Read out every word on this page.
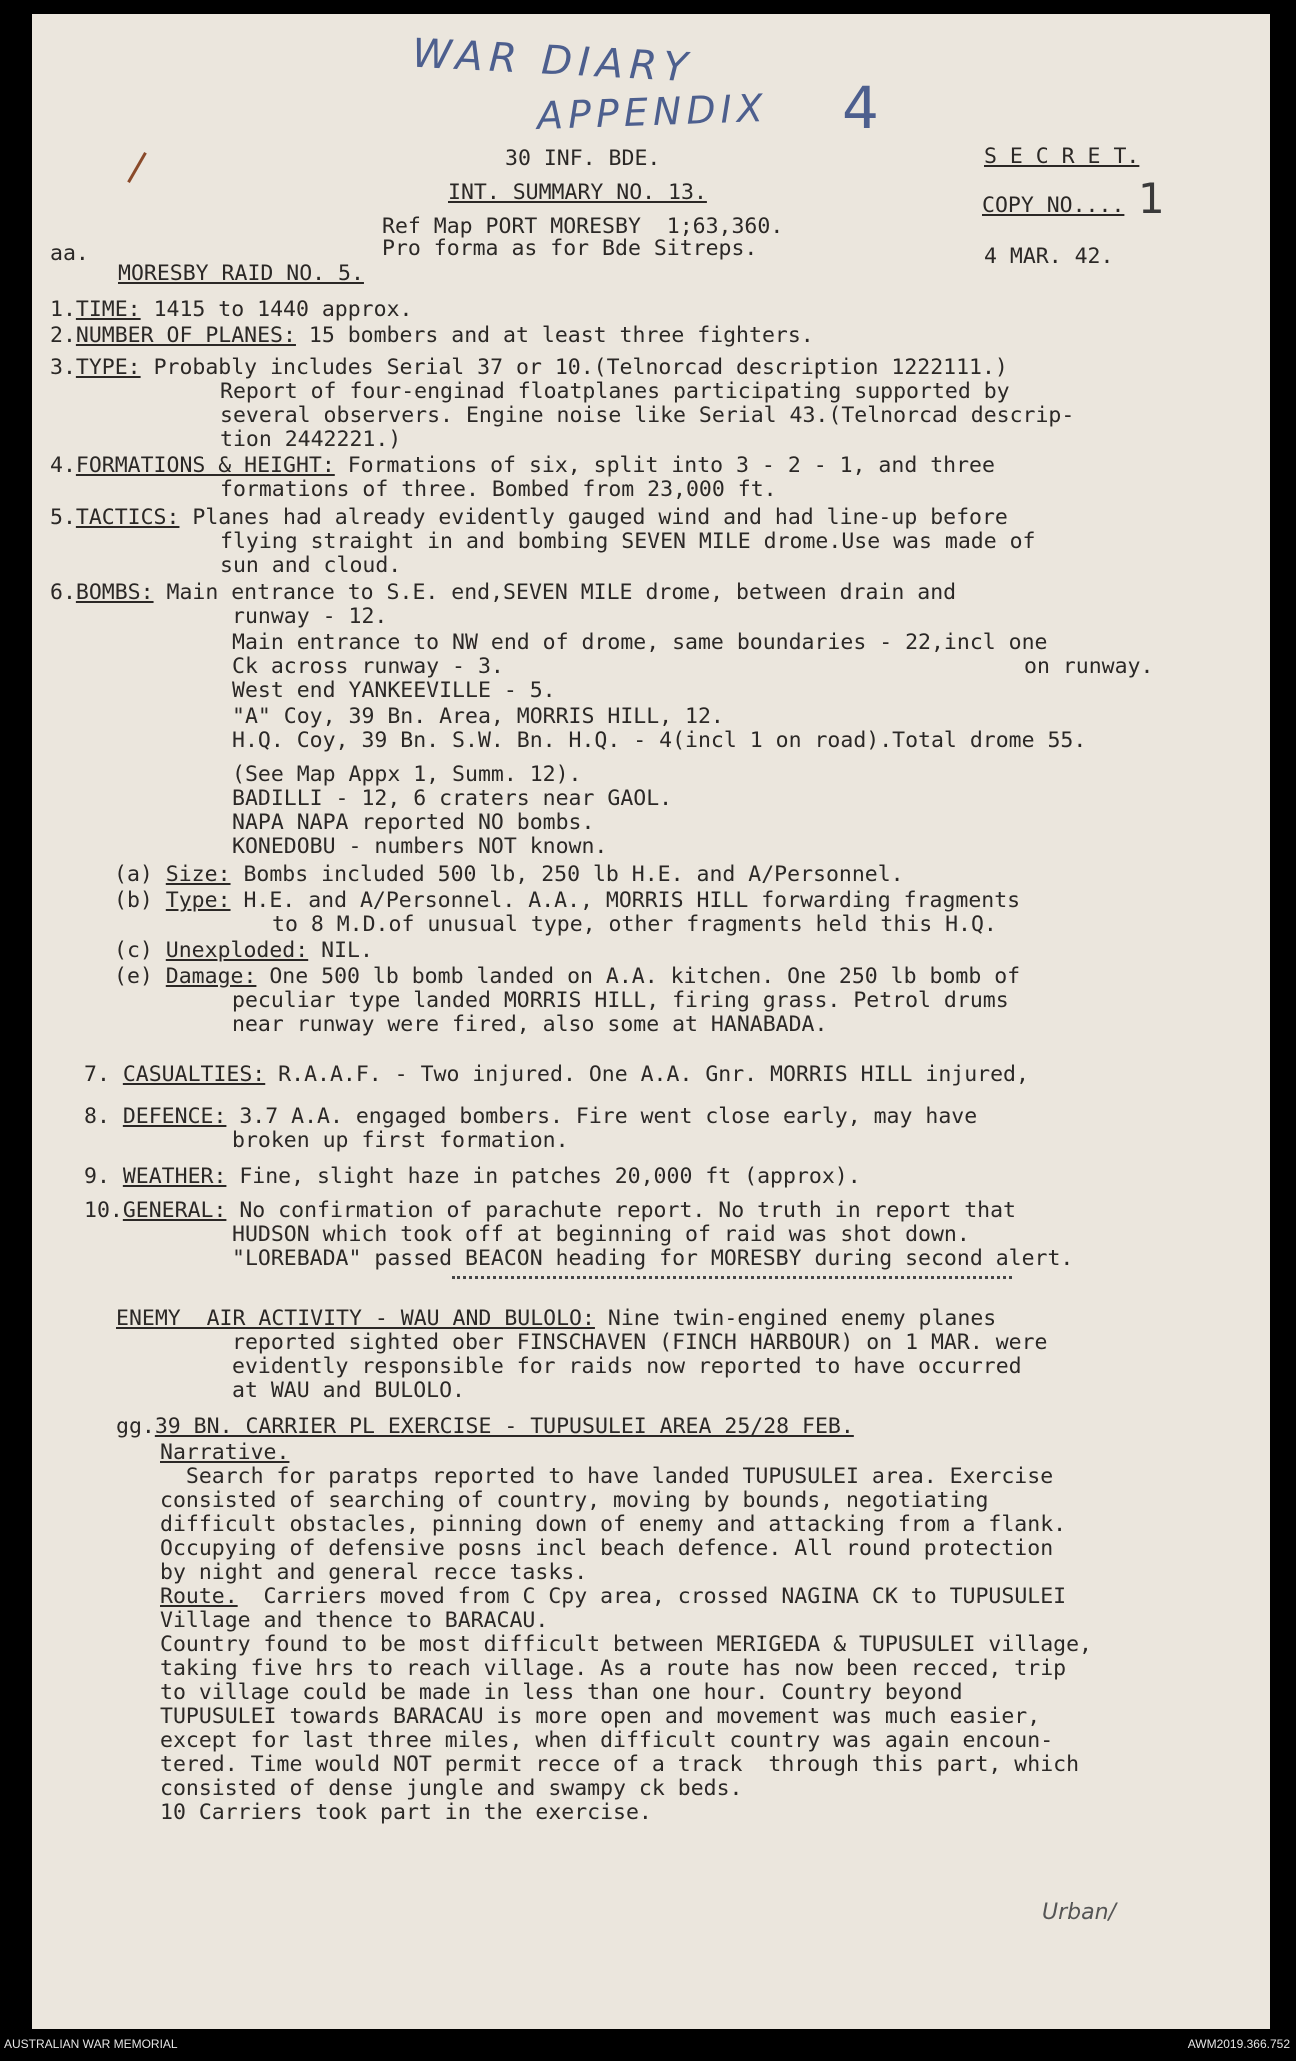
WAR DIARY
APPENDIX 4
1
30 INF. BDE.	S E C R E T.
INT. SUMMARY NO. 13.
COPY NO....
Ref Map PORT MORESBY  1;63,360.
Pro forma as for Bde Sitreps.	4 MAR. 42.
aa.
MORESBY RAID NO. 5.
1.TIME: 1415 to 1440 approx.
2.NUMBER OF PLANES: 15 bombers and at least three fighters.
3.TYPE: Probably includes Serial 37 or 10.(Telnorcad description 1222111.)
Report of four-enginad floatplanes participating supported by
several observers. Engine noise like Serial 43.(Telnorcad descrip-
tion 2442221.)
4.FORMATIONS & HEIGHT: Formations of six, split into 3 - 2 - 1, and three
formations of three. Bombed from 23,000 ft.
5.TACTICS: Planes had already evidently gauged wind and had line-up before
flying straight in and bombing SEVEN MILE drome.Use was made of
sun and cloud.
6.BOMBS: Main entrance to S.E. end,SEVEN MILE drome, between drain and
runway - 12.
Main entrance to NW end of drome, same boundaries - 22,incl one
Ck across runway - 3.	on runway.
West end YANKEEVILLE - 5.
"A" Coy, 39 Bn. Area, MORRIS HILL, 12.
H.Q. Coy, 39 Bn. S.W. Bn. H.Q. - 4(incl 1 on road).Total drome 55.
(See Map Appx 1, Summ. 12).
BADILLI - 12, 6 craters near GAOL.
NAPA NAPA reported NO bombs.
KONEDOBU - numbers NOT known.
(a) Size: Bombs included 500 lb, 250 lb H.E. and A/Personnel.
(b) Type: H.E. and A/Personnel. A.A., MORRIS HILL forwarding fragments
to 8 M.D.of unusual type, other fragments held this H.Q.
(c) Unexploded: NIL.
(e) Damage: One 500 lb bomb landed on A.A. kitchen. One 250 lb bomb of
peculiar type landed MORRIS HILL, firing grass. Petrol drums
near runway were fired, also some at HANABADA.
7. CASUALTIES: R.A.A.F. - Two injured. One A.A. Gnr. MORRIS HILL injured,
8. DEFENCE: 3.7 A.A. engaged bombers. Fire went close early, may have
broken up first formation.
9. WEATHER: Fine, slight haze in patches 20,000 ft (approx).
10.GENERAL: No confirmation of parachute report. No truth in report that
HUDSON which took off at beginning of raid was shot down.
"LOREBADA" passed BEACON heading for MORESBY during second alert.
ENEMY  AIR ACTIVITY - WAU AND BULOLO: Nine twin-engined enemy planes
reported sighted ober FINSCHAVEN (FINCH HARBOUR) on 1 MAR. were
evidently responsible for raids now reported to have occurred
at WAU and BULOLO.
gg.39 BN. CARRIER PL EXERCISE - TUPUSULEI AREA 25/28 FEB.
Narrative.
Search for paratps reported to have landed TUPUSULEI area. Exercise
consisted of searching of country, moving by bounds, negotiating
difficult obstacles, pinning down of enemy and attacking from a flank.
Occupying of defensive posns incl beach defence. All round protection
by night and general recce tasks.
Route.  Carriers moved from C Cpy area, crossed NAGINA CK to TUPUSULEI
Village and thence to BARACAU.
Country found to be most difficult between MERIGEDA & TUPUSULEI village,
taking five hrs to reach village. As a route has now been recced, trip
to village could be made in less than one hour. Country beyond
TUPUSULEI towards BARACAU is more open and movement was much easier,
except for last three miles, when difficult country was again encoun-
tered. Time would NOT permit recce of a track  through this part, which
consisted of dense jungle and swampy ck beds.
10 Carriers took part in the exercise.
Urban/
AUSTRALIAN WAR MEMORIAL	AWM2019.366.752
